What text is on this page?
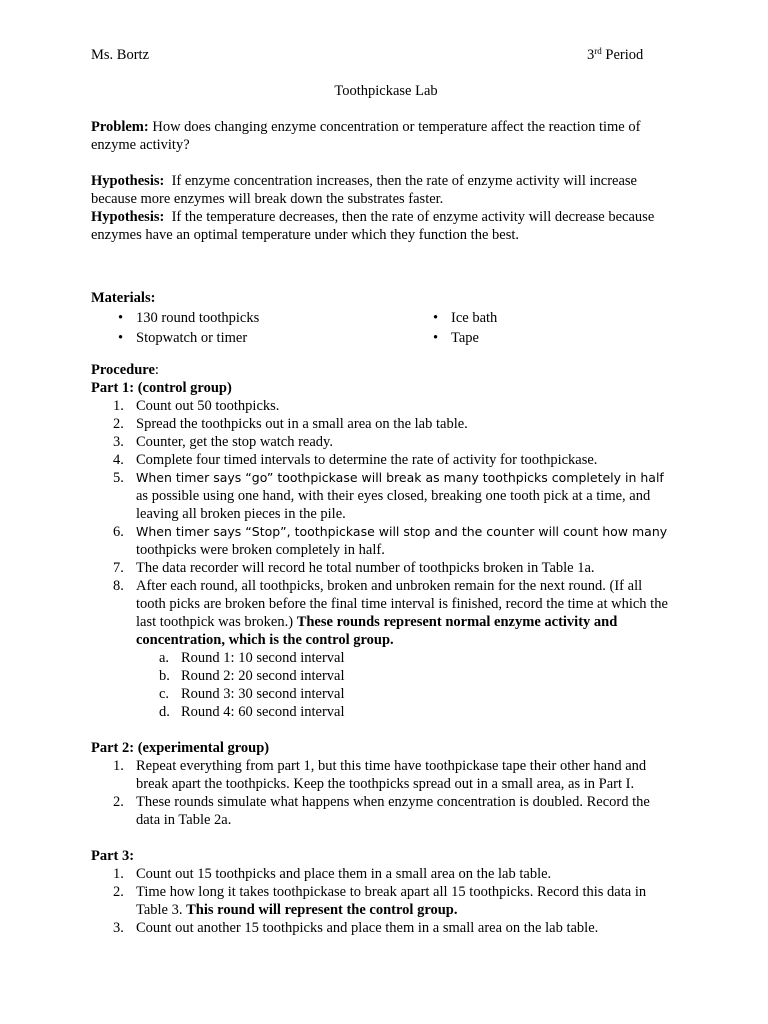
Ms. Bortz	3rd Period
Toothpickase Lab

Problem: How does changing enzyme concentration or temperature affect the reaction time of enzyme activity?

Hypothesis: If enzyme concentration increases, then the rate of enzyme activity will increase because more enzymes will break down the substrates faster.

Hypothesis: If the temperature decreases, then the rate of enzyme activity will decrease because enzymes have an optimal temperature under which they function the best.

Materials:

• 130 round toothpicks
• Stopwatch or timer
• Ice bath
• Tape

Procedure:

Part 1: (control group)

1. Count out 50 toothpicks.
2. Spread the toothpicks out in a small area on the lab table.
3. Counter, get the stop watch ready.
4. Complete four timed intervals to determine the rate of activity for toothpickase.
5. When timer says “go” toothpickase will break as many toothpicks completely in half as possible using one hand, with their eyes closed, breaking one tooth pick at a time, and leaving all broken pieces in the pile.
6. When timer says “Stop”, toothpickase will stop and the counter will count how many toothpicks were broken completely in half.
7. The data recorder will record he total number of toothpicks broken in Table 1a.
8. After each round, all toothpicks, broken and unbroken remain for the next round. (If all tooth picks are broken before the final time interval is finished, record the time at which the last toothpick was broken.) These rounds represent normal enzyme activity and concentration, which is the control group.
a. Round 1: 10 second interval
b. Round 2: 20 second interval
c. Round 3: 30 second interval
d. Round 4: 60 second interval

Part 2: (experimental group)

1. Repeat everything from part 1, but this time have toothpickase tape their other hand and break apart the toothpicks. Keep the toothpicks spread out in a small area, as in Part I.
2. These rounds simulate what happens when enzyme concentration is doubled. Record the data in Table 2a.

Part 3:

1. Count out 15 toothpicks and place them in a small area on the lab table.
2. Time how long it takes toothpickase to break apart all 15 toothpicks. Record this data in Table 3. This round will represent the control group.
3. Count out another 15 toothpicks and place them in a small area on the lab table.
